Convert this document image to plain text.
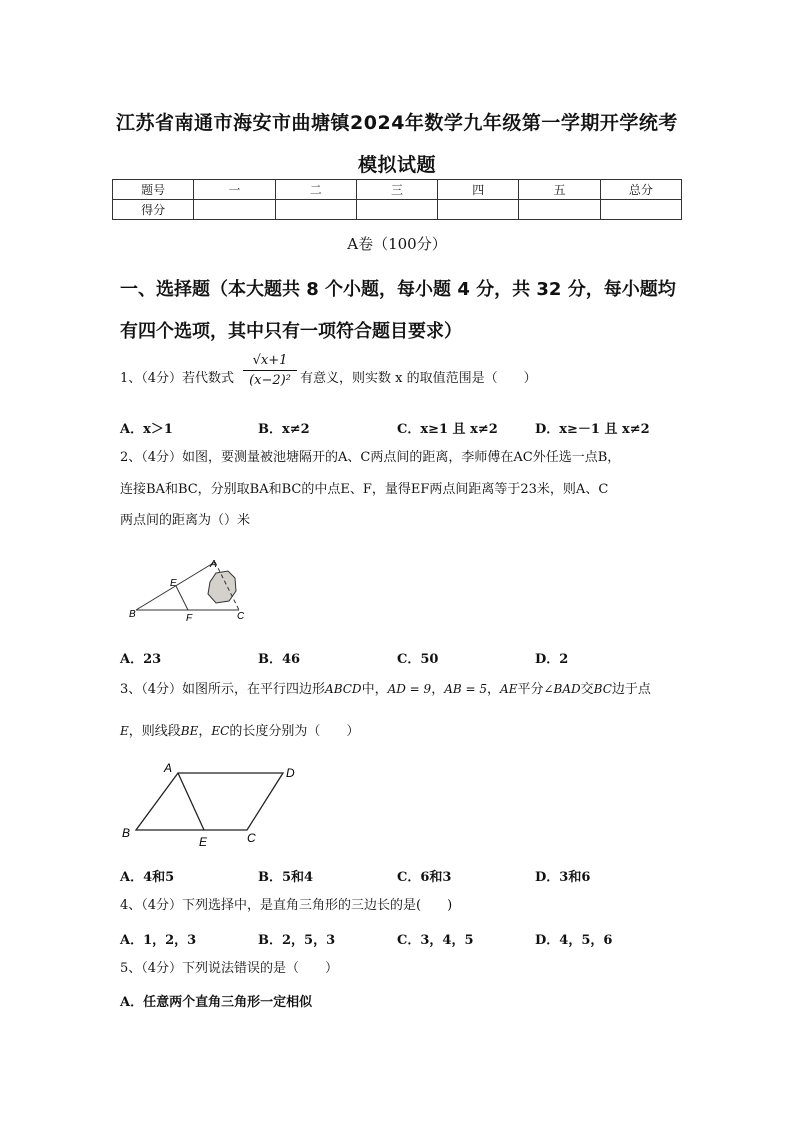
江苏省南通市海安市曲塘镇2024年数学九年级第一学期开学统考
模拟试题
题号	一	二	三	四	五	总分
得分						
A卷（100分）
一、选择题（本大题共 8 个小题，每小题 4 分，共 32 分，每小题均
有四个选项，其中只有一项符合题目要求）
1、（4分）若代数式 $\frac{√x+1}{\text{(x−2)²}}$ 有意义，则实数 x 的取值范围是（　　）
A．x＞1	B．x≠2	C．x≥1 且 x≠2	D．x≥－1 且 x≠2
2、（4分）如图，要测量被池塘隔开的A、C两点间的距离，李师傅在AC外任选一点B，
连接BA和BC，分别取BA和BC的中点E、F，量得EF两点间距离等于23米，则A、C
两点间的距离为（）米
A
B	C
E
F
A．23	B．46	C．50	D．2
3、（4分）如图所示，在平行四边形ABCD中，AD = 9，AB = 5，AE平分∠BAD交BC边于点
E，则线段BE，EC的长度分别为（　　）
A	D
B	C
E
A．4和5	B．5和4	C．6和3	D．3和6
4、（4分）下列选择中，是直角三角形的三边长的是(　　)
A．1，2，3	B．2，5，3	C．3，4，5	D．4，5，6
5、（4分）下列说法错误的是（　　）
A．任意两个直角三角形一定相似
